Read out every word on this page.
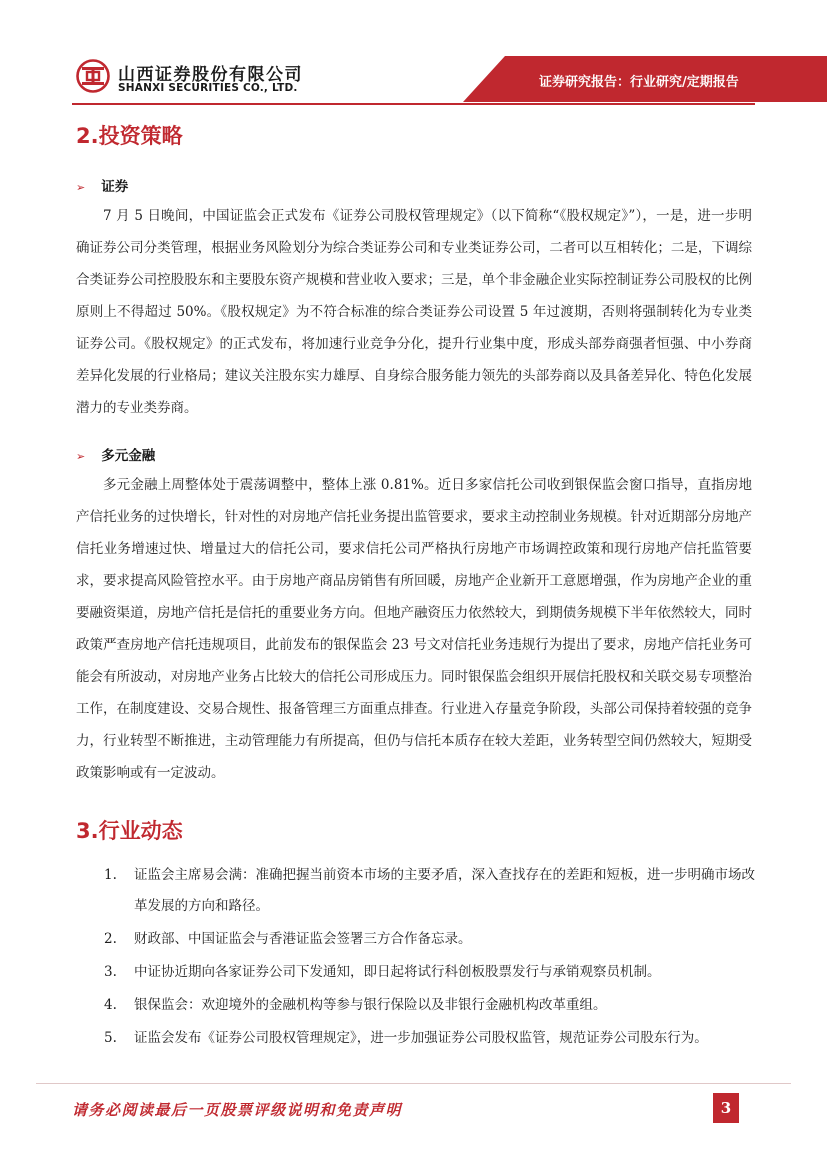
山西证券股份有限公司
SHANXI SECURITIES CO., LTD.	证券研究报告：行业研究/定期报告
2.投资策略
➢ 证券

7 月 5 日晚间，中国证监会正式发布《证券公司股权管理规定》（以下简称“《股权规定》”），一是，进一步明确证券公司分类管理，根据业务风险划分为综合类证券公司和专业类证券公司，二者可以互相转化；二是，下调综合类证券公司控股股东和主要股东资产规模和营业收入要求；三是，单个非金融企业实际控制证券公司股权的比例原则上不得超过 50%。《股权规定》为不符合标准的综合类证券公司设置 5 年过渡期，否则将强制转化为专业类证券公司。《股权规定》的正式发布，将加速行业竞争分化，提升行业集中度，形成头部券商强者恒强、中小券商差异化发展的行业格局；建议关注股东实力雄厚、自身综合服务能力领先的头部券商以及具备差异化、特色化发展潜力的专业类券商。

➢ 多元金融

多元金融上周整体处于震荡调整中，整体上涨 0.81%。近日多家信托公司收到银保监会窗口指导，直指房地产信托业务的过快增长，针对性的对房地产信托业务提出监管要求，要求主动控制业务规模。针对近期部分房地产信托业务增速过快、增量过大的信托公司，要求信托公司严格执行房地产市场调控政策和现行房地产信托监管要求，要求提高风险管控水平。由于房地产商品房销售有所回暖，房地产企业新开工意愿增强，作为房地产企业的重要融资渠道，房地产信托是信托的重要业务方向。但地产融资压力依然较大，到期债务规模下半年依然较大，同时政策严查房地产信托违规项目，此前发布的银保监会 23 号文对信托业务违规行为提出了要求，房地产信托业务可能会有所波动，对房地产业务占比较大的信托公司形成压力。同时银保监会组织开展信托股权和关联交易专项整治工作，在制度建设、交易合规性、报备管理三方面重点排查。行业进入存量竞争阶段，头部公司保持着较强的竞争力，行业转型不断推进，主动管理能力有所提高，但仍与信托本质存在较大差距，业务转型空间仍然较大，短期受政策影响或有一定波动。

3.行业动态
1. 证监会主席易会满：准确把握当前资本市场的主要矛盾，深入查找存在的差距和短板，进一步明确市场改革发展的方向和路径。
2. 财政部、中国证监会与香港证监会签署三方合作备忘录。
3. 中证协近期向各家证券公司下发通知，即日起将试行科创板股票发行与承销观察员机制。
4. 银保监会：欢迎境外的金融机构等参与银行保险以及非银行金融机构改革重组。
5. 证监会发布《证券公司股权管理规定》，进一步加强证券公司股权监管，规范证券公司股东行为。
请务必阅读最后一页股票评级说明和免责声明	3
